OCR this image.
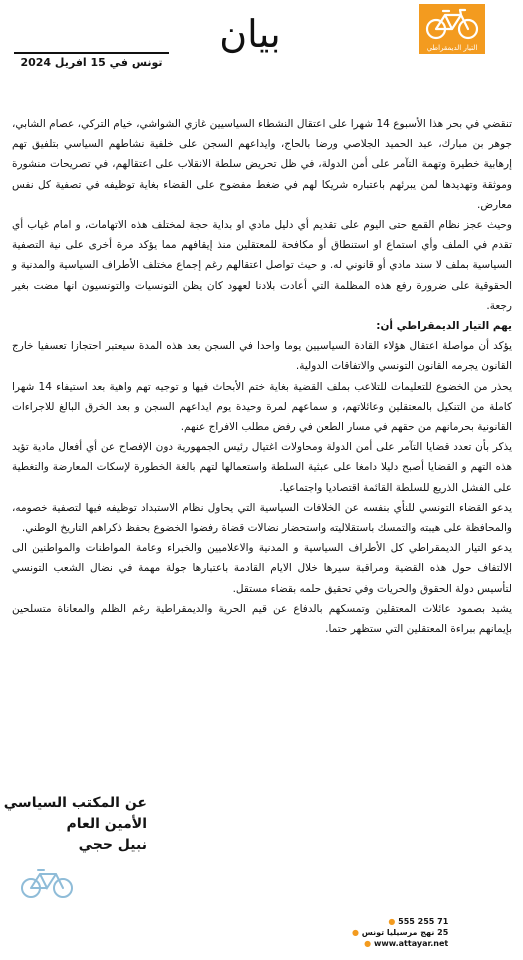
التيار الديمقراطي
بيان
تونس في 15 افريل 2024

تنقضي في بحر هذا الأسبوع 14 شهرا على اعتقال النشطاء السياسيين غازي الشواشي، خيام التركي، عصام الشابي، جوهر بن مبارك، عبد الحميد الجلاصي ورضا بالحاج، وايداعهم السجن على خلفية نشاطهم السياسي بتلفيق تهم إرهابية خطيرة وتهمة التآمر على أمن الدولة، في ظل تحريض سلطة الانقلاب على اعتقالهم، في تصريحات منشورة وموثقة وتهديدها لمن يبرئهم باعتباره شريكا لهم في ضغط مفضوح على القضاء بغاية توظيفه في تصفية كل نفس معارض.

وحيث عجز نظام القمع حتى اليوم على تقديم أي دليل مادي او بداية حجة لمختلف هذه الاتهامات، و امام غياب أي تقدم في الملف وأي استماع او استنطاق أو مكافحة للمعتقلين منذ إيقافهم مما يؤكد مرة أخرى على نية التصفية السياسية بملف لا سند مادي أو قانوني له. و حيث تواصل اعتقالهم رغم إجماع مختلف الأطراف السياسية والمدنية و الحقوقية على ضرورة رفع هذه المظلمة التي أعادت بلادنا لعهود كان يظن التونسيات والتونسيون انها مضت بغير رجعة.

يهم التيار الديمقراطي أن:

يؤكد أن مواصلة اعتقال هؤلاء القادة السياسيين يوما واحدا في السجن بعد هذه المدة سيعتبر احتجازا تعسفيا خارج القانون يجرمه القانون التونسي والاتفاقات الدولية.

يحذر من الخضوع للتعليمات للتلاعب بملف القضية بغاية ختم الأبحاث فيها و توجيه تهم واهية بعد استيفاء 14 شهرا كاملة من التنكيل بالمعتقلين وعائلاتهم، و سماعهم لمرة وحيدة يوم ايداعهم السجن و بعد الخرق البالغ للاجراءات القانونية بحرمانهم من حقهم في مسار الطعن في رفض مطلب الافراج عنهم.

يذكر بأن تعدد قضايا التآمر على أمن الدولة ومحاولات اغتيال رئيس الجمهورية دون الإفصاح عن أي أفعال مادية تؤيد هذه التهم و القضايا أصبح دليلا دامغا على عبثية السلطة واستعمالها لتهم بالغة الخطورة لإسكات المعارضة والتغطية على الفشل الذريع للسلطة القائمة اقتصاديا واجتماعيا.

يدعو القضاء التونسي للنأي بنفسه عن الخلافات السياسية التي يحاول نظام الاستبداد توظيفه فيها لتصفية خصومه، والمحافظة على هيبته والتمسك باستقلاليته واستحضار نضالات قضاة رفضوا الخضوع بحفظ ذكراهم التاريخ الوطني.

يدعو التيار الديمقراطي كل الأطراف السياسية و المدنية والاعلاميين والخبراء وعامة المواطنات والمواطنين الى الالتفاف حول هذه القضية ومراقبة سيرها خلال الايام القادمة باعتبارها جولة مهمة في نضال الشعب التونسي لتأسيس دولة الحقوق والحريات وفي تحقيق حلمه بقضاء مستقل.

يشيد بصمود عائلات المعتقلين وتمسكهم بالدفاع عن قيم الحرية والديمقراطية رغم الظلم والمعاناة متسلحين بإيمانهم ببراءة المعتقلين التي ستظهر حتما.

عن المكتب السياسي
الأمين العام
نبيل حجي
71 255 555 ●
25 نهج مرسيليا تونس ●
www.attayar.net ●
